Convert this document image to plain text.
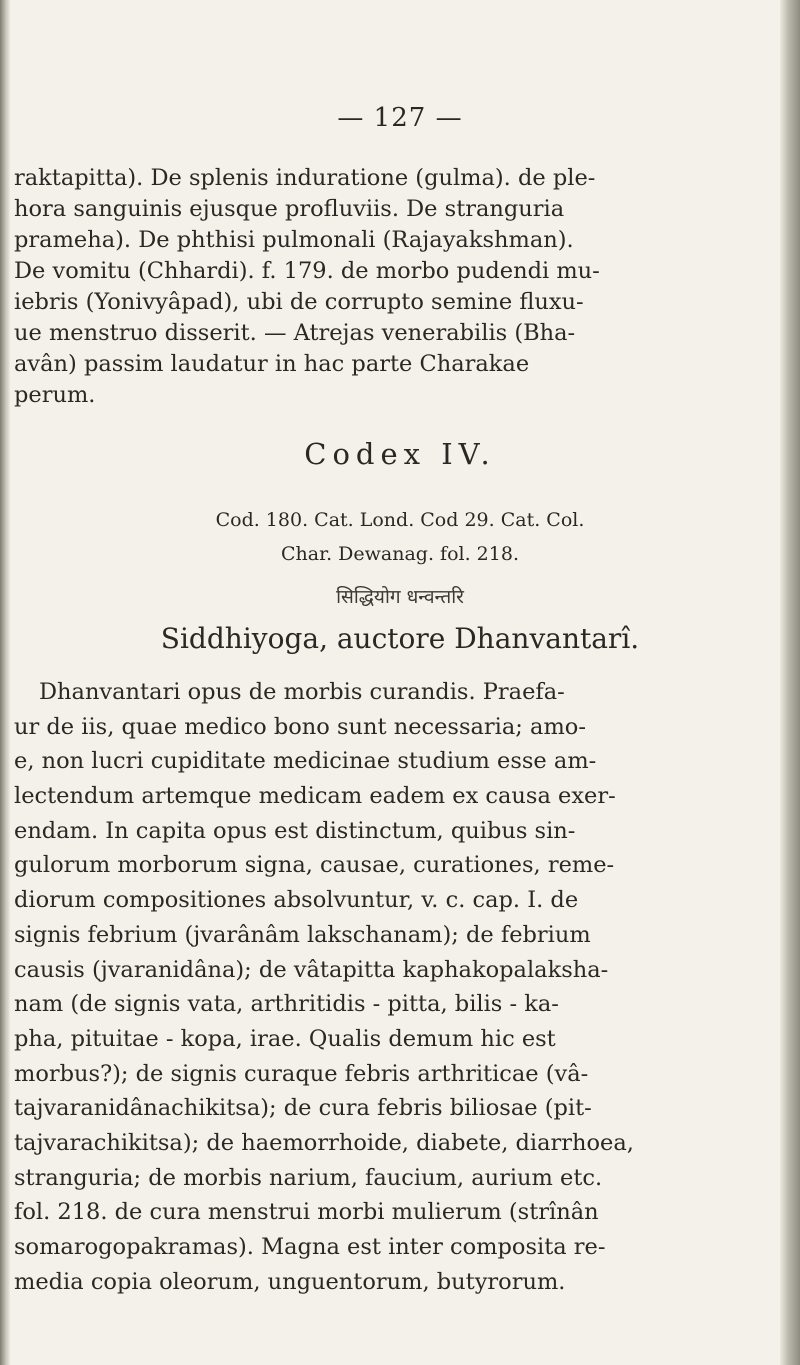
— 127 —
raktapitta). De splenis induratione (gulma). de ple-
hora sanguinis ejusque profluviis. De stranguria
prameha). De phthisi pulmonali (Rajayakshman).
De vomitu (Chhardi). f. 179. de morbo pudendi mu-
iebris (Yonivyâpad), ubi de corrupto semine fluxu-
ue menstruo disserit. — Atrejas venerabilis (Bha-
avân) passim laudatur in hac parte Charakae
perum.
Codex IV.
Cod. 180. Cat. Lond. Cod 29. Cat. Col.
Char. Dewanag. fol. 218.
सिद्धियोग धन्वन्तरि
Siddhiyoga, auctore Dhanvantarî.
Dhanvantari opus de morbis curandis. Praefa-
ur de iis, quae medico bono sunt necessaria; amo-
e, non lucri cupiditate medicinae studium esse am-
lectendum artemque medicam eadem ex causa exer-
endam. In capita opus est distinctum, quibus sin-
gulorum morborum signa, causae, curationes, reme-
diorum compositiones absolvuntur, v. c. cap. I. de
signis febrium (jvarânâm lakschanam); de febrium
causis (jvaranidâna); de vâtapitta kaphakopalaksha-
nam (de signis vata, arthritidis - pitta, bilis - ka-
pha, pituitae - kopa, irae. Qualis demum hic est
morbus?); de signis curaque febris arthriticae (vâ-
tajvaranidânachikitsa); de cura febris biliosae (pit-
tajvarachikitsa); de haemorrhoide, diabete, diarrhoea,
stranguria; de morbis narium, faucium, aurium etc.
fol. 218. de cura menstrui morbi mulierum (strînân
somarogopakramas). Magna est inter composita re-
media copia oleorum, unguentorum, butyrorum.
